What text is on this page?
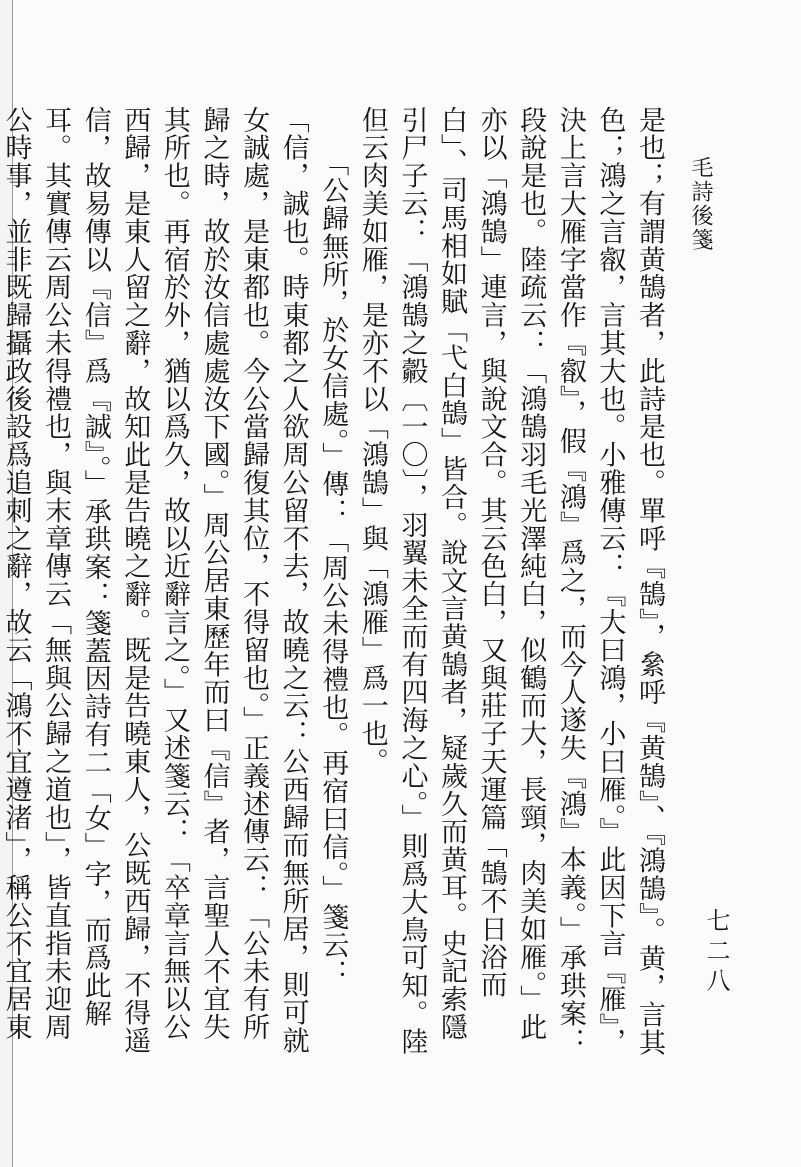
毛詩後箋

是也；有謂黄鵠者，此詩是也。單呼『鵠』，絫呼『黄鵠』、『鴻鵠』。黄，言其色；鴻之言㕡，言其大也。小雅傳云：『大曰鴻，小曰雁。』此因下言『雁』，決上言大雁字當作『㕡』，假『鴻』爲之，而今人遂失『鴻』本義。」承珙案：段說是也。陸疏云：「鴻鵠羽毛光澤純白，似鶴而大，長頸，肉美如雁。」此亦以「鴻鵠」連言，與說文合。其云色白，又與莊子天運篇「鵠不日浴而白」、司馬相如賦「弋白鵠」皆合。說文言黄鵠者，疑歲久而黄耳。史記索隱引尸子云：「鴻鵠之㲉〔一〇〕，羽翼未全而有四海之心。」則爲大鳥可知。陸但云肉美如雁，是亦不以「鴻鵠」與「鴻雁」爲一也。

「公歸無所，於女信處。」傳：「周公未得禮也。再宿曰信。」箋云：「信，誠也。時東都之人欲周公留不去，故曉之云：公西歸而無所居，則可就女誠處，是東都也。今公當歸復其位，不得留也。」正義述傳云：「公未有所歸之時，故於汝信處處汝下國。」周公居東歷年而曰『信』者，言聖人不宜失其所也。再宿於外，猶以爲久，故以近辭言之。」又述箋云：「卒章言無以公西歸，是東人留之辭，故知此是告曉之辭。既是告曉東人，公既西歸，不得遥信，故易傳以『信』爲『誠』。」承珙案：箋蓋因詩有二「女」字，而爲此解耳。其實傳云周公未得禮也，與末章傳云「無與公歸之道也」，皆直指未迎周公時事，並非既歸攝政後設爲追刺之辭，故云「鴻不宜遵渚」，稱公不宜居東

七二八
